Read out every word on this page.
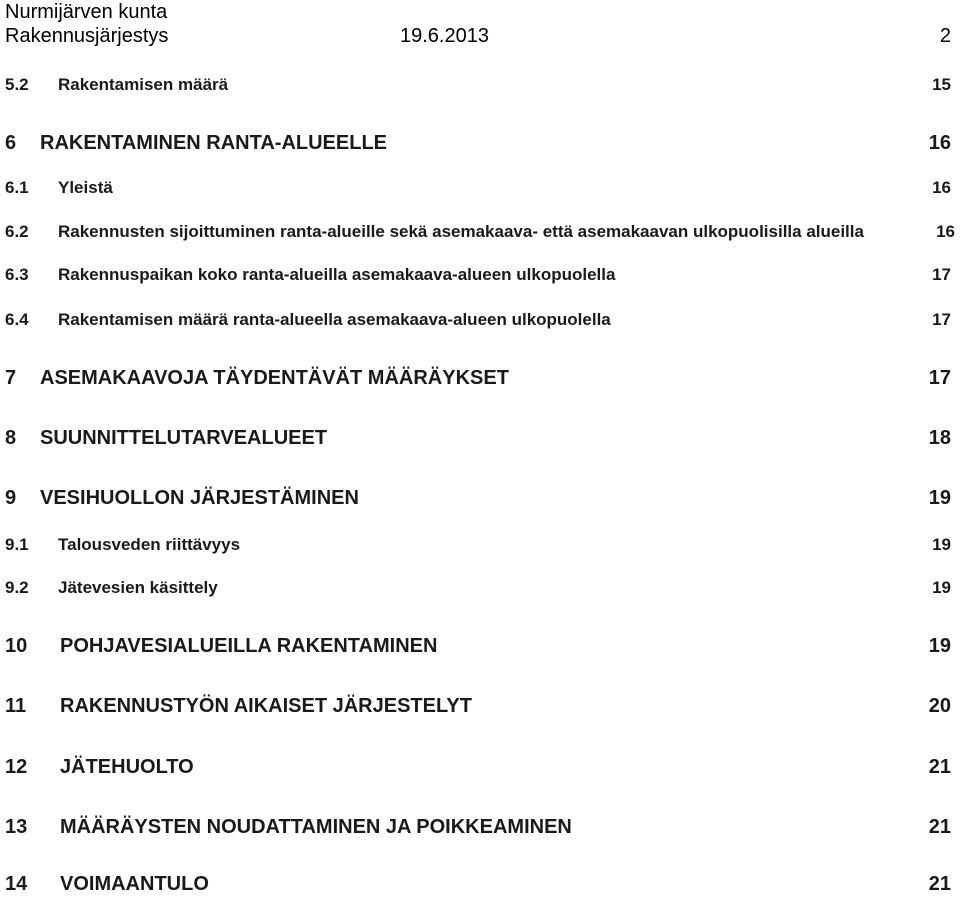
Nurmijärven kunta
Rakennusjärjestys	19.6.2013	2
5.2 Rakentamisen määrä	15
6 RAKENTAMINEN RANTA-ALUEELLE	16
6.1 Yleistä	16
6.2 Rakennusten sijoittuminen ranta-alueille sekä asemakaava- että asemakaavan ulkopuolisilla alueilla	16
6.3 Rakennuspaikan koko ranta-alueilla asemakaava-alueen ulkopuolella	17
6.4 Rakentamisen määrä ranta-alueella asemakaava-alueen ulkopuolella	17
7 ASEMAKAAVOJA TÄYDENTÄVÄT MÄÄRÄYKSET	17
8 SUUNNITTELUTARVEALUEET	18
9 VESIHUOLLON JÄRJESTÄMINEN	19
9.1 Talousveden riittävyys	19
9.2 Jätevesien käsittely	19
10 POHJAVESIALUEILLA RAKENTAMINEN	19
11 RAKENNUSTYÖN AIKAISET JÄRJESTELYT	20
12 JÄTEHUOLTO	21
13 MÄÄRÄYSTEN NOUDATTAMINEN JA POIKKEAMINEN	21
14 VOIMAANTULO	21
